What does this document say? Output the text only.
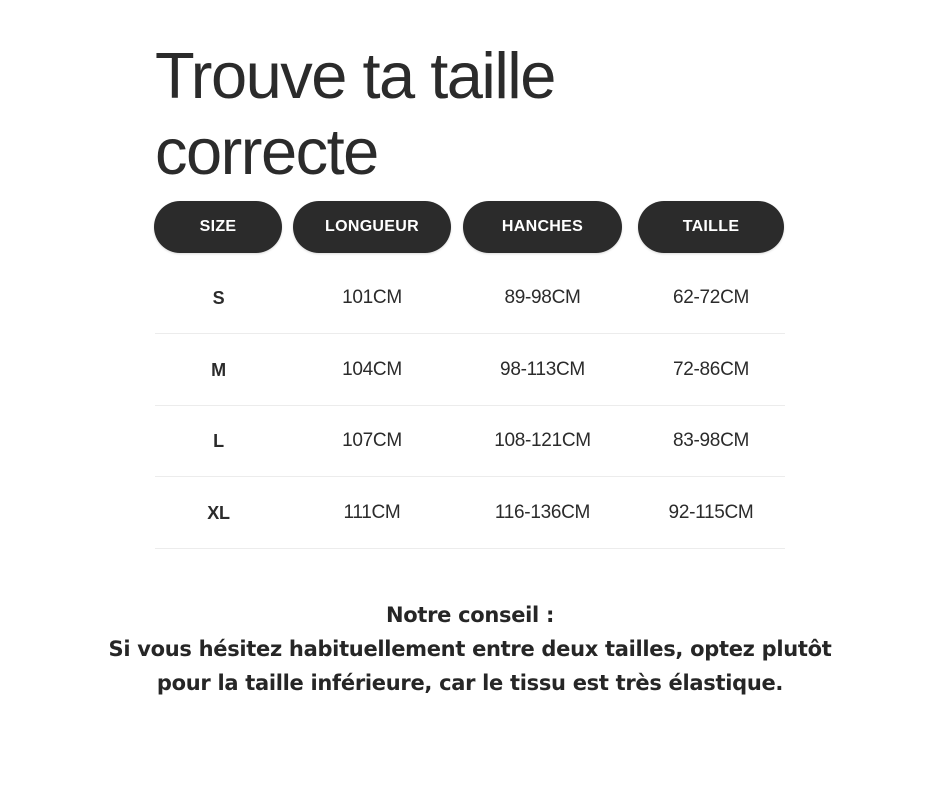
Trouve ta taille
correcte
SIZE	LONGUEUR	HANCHES	TAILLE
S	101CM	89-98CM	62-72CM
M	104CM	98-113CM	72-86CM
L	107CM	108-121CM	83-98CM
XL	111CM	116-136CM	92-115CM
Notre conseil :
Si vous hésitez habituellement entre deux tailles, optez plutôt
pour la taille inférieure, car le tissu est très élastique.
